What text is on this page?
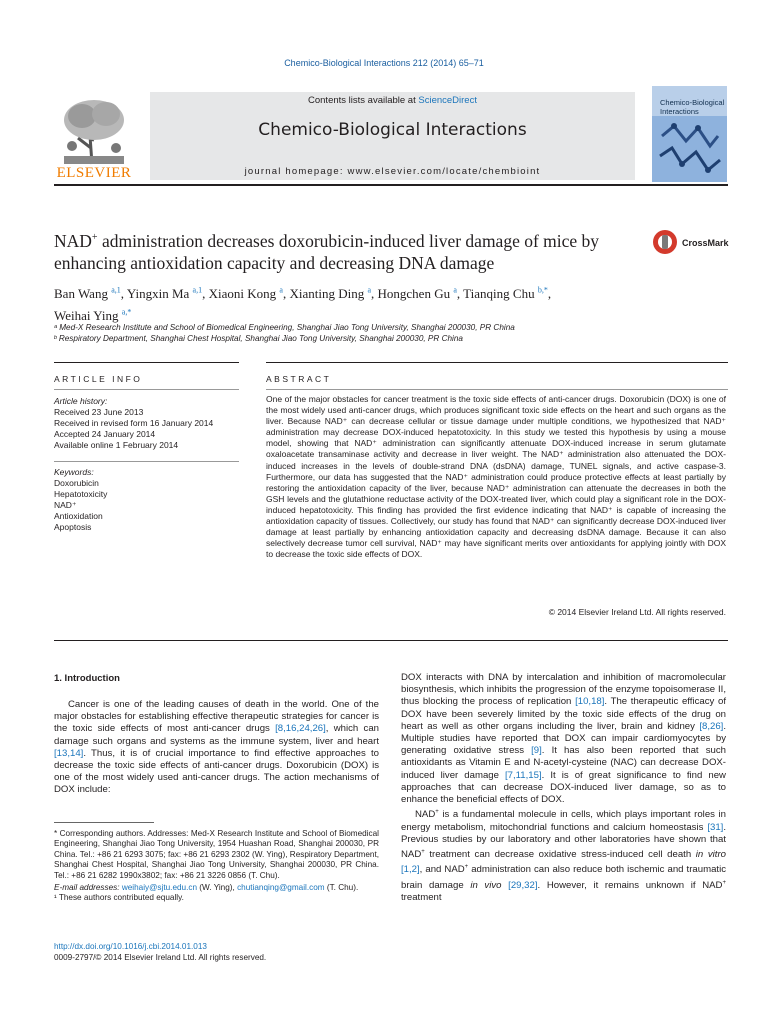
Chemico-Biological Interactions 212 (2014) 65–71
ELSEVIER
Contents lists available at ScienceDirect
Chemico-Biological Interactions
journal homepage: www.elsevier.com/locate/chembioint
Chemico-Biological Interactions
NAD+ administration decreases doxorubicin-induced liver damage of mice by enhancing antioxidation capacity and decreasing DNA damage
CrossMark
Ban Wang $^{a,1}$, Yingxin Ma $^{a,1}$, Xiaoni Kong $^a$, Xianting Ding $^a$, Hongchen Gu $^a$, Tianqing Chu $^{b,*}$,
Weihai Ying $^{a,*}$
ᵃ Med-X Research Institute and School of Biomedical Engineering, Shanghai Jiao Tong University, Shanghai 200030, PR China
ᵇ Respiratory Department, Shanghai Chest Hospital, Shanghai Jiao Tong University, Shanghai 200030, PR China
ARTICLE INFO	ABSTRACT
Article history:
Received 23 June 2013
Received in revised form 16 January 2014
Accepted 24 January 2014
Available online 1 February 2014
Keywords:
Doxorubicin
Hepatotoxicity
NAD⁺
Antioxidation
Apoptosis
One of the major obstacles for cancer treatment is the toxic side effects of anti-cancer drugs. Doxorubicin (DOX) is one of the most widely used anti-cancer drugs, which produces significant toxic side effects on the heart and such organs as the liver. Because NAD⁺ can decrease cellular or tissue damage under multiple conditions, we hypothesized that NAD⁺ administration may decrease DOX-induced hepatotoxicity. In this study we tested this hypothesis by using a mouse model, showing that NAD⁺ administration can significantly attenuate DOX-induced increase in serum glutamate oxaloacetate transaminase activity and decrease in liver weight. The NAD⁺ administration also attenuated the DOX-induced increases in the levels of double-strand DNA (dsDNA) damage, TUNEL signals, and active caspase-3. Furthermore, our data has suggested that the NAD⁺ administration could produce protective effects at least partially by restoring the antioxidation capacity of the liver, because NAD⁺ administration can attenuate the decreases in both the GSH levels and the glutathione reductase activity of the DOX-treated liver, which could play a significant role in the DOX-induced hepatotoxicity. This finding has provided the first evidence indicating that NAD⁺ is capable of increasing the antioxidation capacity of tissues. Collectively, our study has found that NAD⁺ can significantly decrease DOX-induced liver damage at least partially by enhancing antioxidation capacity and decreasing dsDNA damage. Because it can also selectively decrease tumor cell survival, NAD⁺ may have significant merits over antioxidants for applying jointly with DOX to decrease the toxic side effects of DOX.
© 2014 Elsevier Ireland Ltd. All rights reserved.
1. Introduction

Cancer is one of the leading causes of death in the world. One of the major obstacles for establishing effective therapeutic strategies for cancer is the toxic side effects of most anti-cancer drugs [8,16,24,26], which can damage such organs and systems as the immune system, liver and heart [13,14]. Thus, it is of crucial importance to find effective approaches to decrease the toxic side effects of anti-cancer drugs. Doxorubicin (DOX) is one of the most widely used anti-cancer drugs. The action mechanisms of DOX include:

* Corresponding authors. Addresses: Med-X Research Institute and School of Biomedical Engineering, Shanghai Jiao Tong University, 1954 Huashan Road, Shanghai 200030, PR China. Tel.: +86 21 6293 3075; fax: +86 21 6293 2302 (W. Ying), Respiratory Department, Shanghai Chest Hospital, Shanghai Jiao Tong University, Shanghai 200030, PR China. Tel.: +86 21 6282 1990x3802; fax: +86 21 3226 0856 (T. Chu).

E-mail addresses: weihaiy@sjtu.edu.cn (W. Ying), chutianqing@gmail.com (T. Chu).

¹ These authors contributed equally.

http://dx.doi.org/10.1016/j.cbi.2014.01.013
0009-2797/© 2014 Elsevier Ireland Ltd. All rights reserved.

DOX interacts with DNA by intercalation and inhibition of macromolecular biosynthesis, which inhibits the progression of the enzyme topoisomerase II, thus blocking the process of replication [10,18]. The therapeutic efficacy of DOX have been severely limited by the toxic side effects of the drug on heart as well as other organs including the liver, brain and kidney [8,26]. Multiple studies have reported that DOX can impair cardiomyocytes by generating oxidative stress [9]. It has also been reported that such antioxidants as Vitamin E and N-acetyl-cysteine (NAC) can decrease DOX-induced liver damage [7,11,15]. It is of great significance to find new approaches that can decrease DOX-induced liver damage, so as to enhance the beneficial effects of DOX.

NAD+ is a fundamental molecule in cells, which plays important roles in energy metabolism, mitochondrial functions and calcium homeostasis [31]. Previous studies by our laboratory and other laboratories have shown that NAD+ treatment can decrease oxidative stress-induced cell death in vitro [1,2], and NAD+ administration can also reduce both ischemic and traumatic brain damage in vivo [29,32]. However, it remains unknown if NAD+ treatment
